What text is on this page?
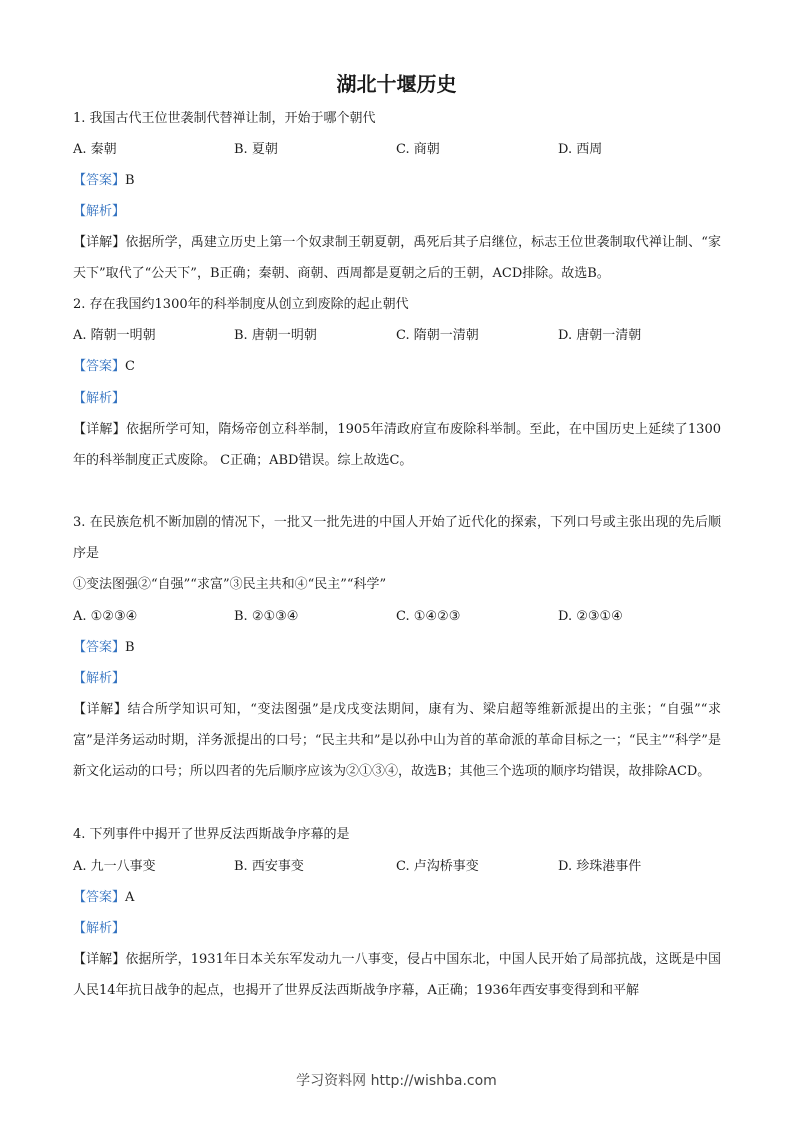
湖北十堰历史
1. 我国古代王位世袭制代替禅让制，开始于哪个朝代
A. 秦朝	B. 夏朝	C. 商朝	D. 西周
【答案】B
【解析】
【详解】依据所学，禹建立历史上第一个奴隶制王朝夏朝，禹死后其子启继位，标志王位世袭制取代禅让制、“家天下”取代了“公天下”，B正确；秦朝、商朝、西周都是夏朝之后的王朝，ACD排除。故选B。
2. 存在我国约1300年的科举制度从创立到废除的起止朝代
A. 隋朝一明朝	B. 唐朝一明朝	C. 隋朝一清朝	D. 唐朝一清朝
【答案】C
【解析】
【详解】依据所学可知，隋炀帝创立科举制，1905年清政府宣布废除科举制。至此，在中国历史上延续了1300年的科举制度正式废除。 C正确；ABD错误。综上故选C。
3. 在民族危机不断加剧的情况下，一批又一批先进的中国人开始了近代化的探索，下列口号或主张出现的先后顺序是
①变法图强②“自强”“求富”③民主共和④“民主”“科学”
A. ①②③④	B. ②①③④	C. ①④②③	D. ②③①④
【答案】B
【解析】
【详解】结合所学知识可知，“变法图强”是戊戌变法期间，康有为、梁启超等维新派提出的主张；“自强”“求富”是洋务运动时期，洋务派提出的口号；“民主共和”是以孙中山为首的革命派的革命目标之一；“民主”“科学”是新文化运动的口号；所以四者的先后顺序应该为②①③④，故选B；其他三个选项的顺序均错误，故排除ACD。
4. 下列事件中揭开了世界反法西斯战争序幕的是
A. 九一八事变	B. 西安事变	C. 卢沟桥事变	D. 珍珠港事件
【答案】A
【解析】
【详解】依据所学，1931年日本关东军发动九一八事变，侵占中国东北，中国人民开始了局部抗战，这既是中国人民14年抗日战争的起点，也揭开了世界反法西斯战争序幕，A正确；1936年西安事变得到和平解
学习资料网 http://wishba.com
